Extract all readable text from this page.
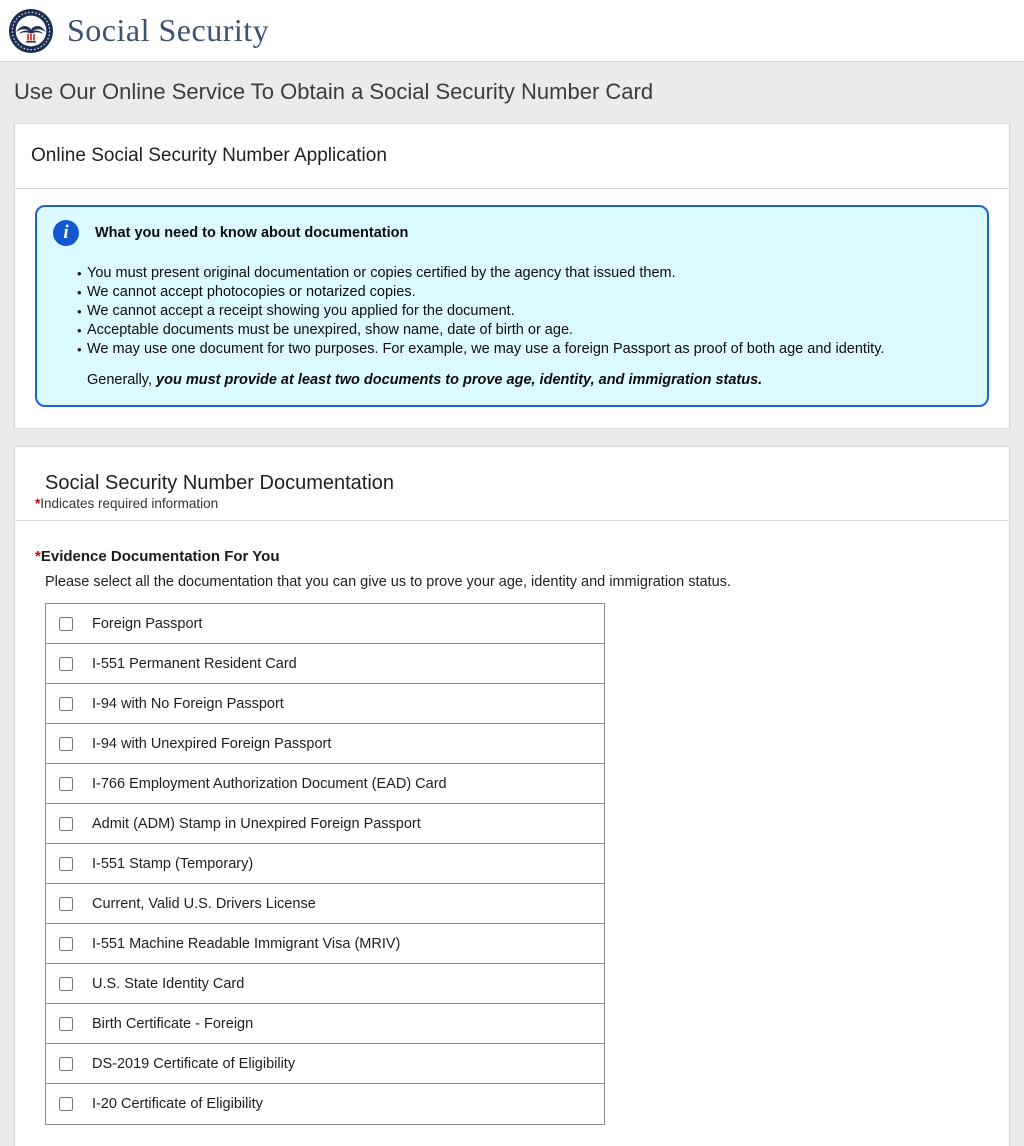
Social Security
Use Our Online Service To Obtain a Social Security Number Card
Online Social Security Number Application
i	What you need to know about documentation
• You must present original documentation or copies certified by the agency that issued them.
• We cannot accept photocopies or notarized copies.
• We cannot accept a receipt showing you applied for the document.
• Acceptable documents must be unexpired, show name, date of birth or age.
• We may use one document for two purposes. For example, we may use a foreign Passport as proof of both age and identity.

Generally, you must provide at least two documents to prove age, identity, and immigration status.

Social Security Number Documentation
*Indicates required information
*Evidence Documentation For You

Please select all the documentation that you can give us to prove your age, identity and immigration status.

Foreign Passport
I-551 Permanent Resident Card
I-94 with No Foreign Passport
I-94 with Unexpired Foreign Passport
I-766 Employment Authorization Document (EAD) Card
Admit (ADM) Stamp in Unexpired Foreign Passport
I-551 Stamp (Temporary)
Current, Valid U.S. Drivers License
I-551 Machine Readable Immigrant Visa (MRIV)
U.S. State Identity Card
Birth Certificate - Foreign
DS-2019 Certificate of Eligibility
I-20 Certificate of Eligibility
